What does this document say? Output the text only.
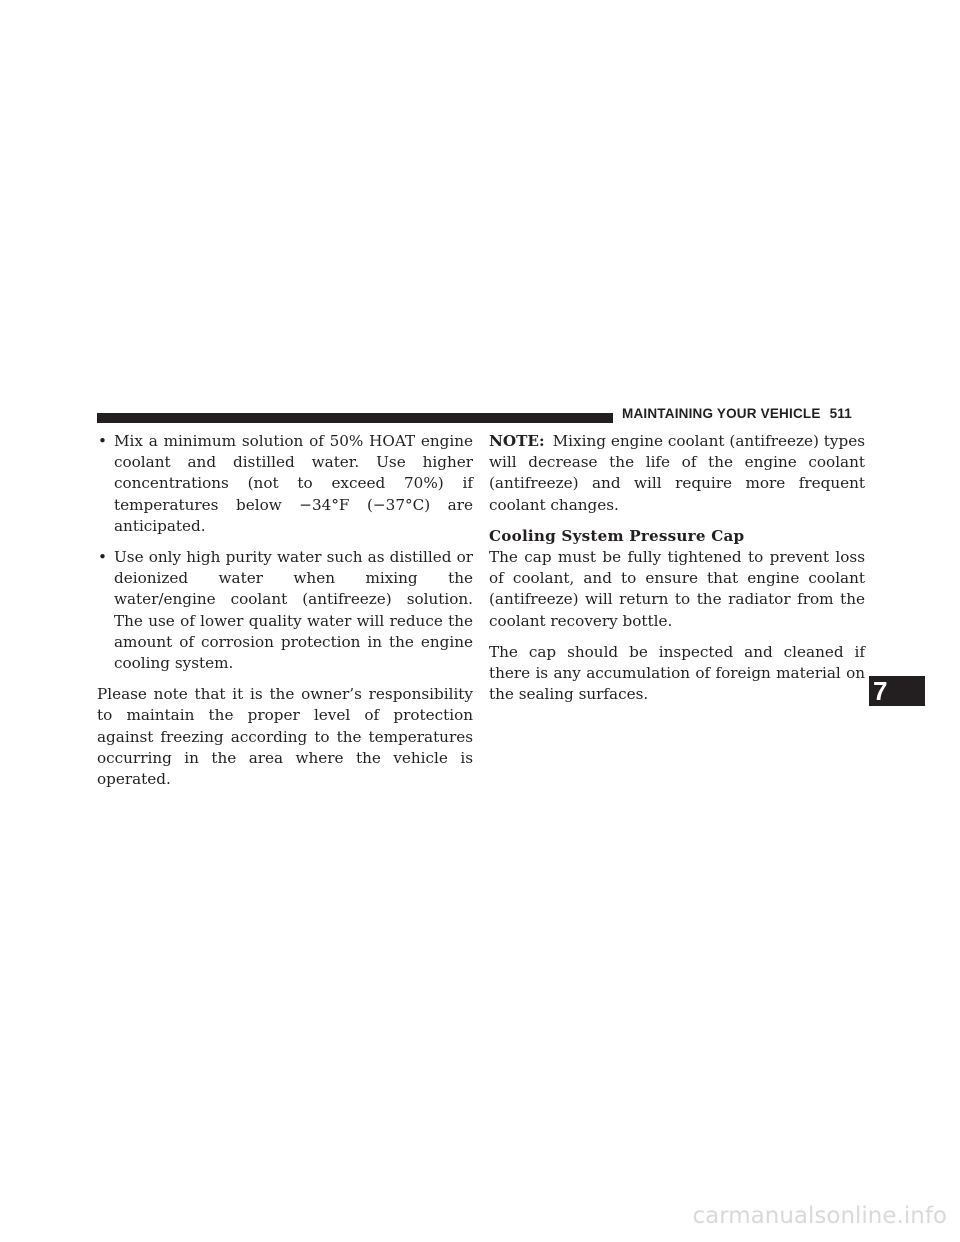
MAINTAINING YOUR VEHICLE 511
• Mix a minimum solution of 50% HOAT engine coolant and distilled water. Use higher concentrations (not to exceed 70%) if temperatures below −34°F (−37°C) are anticipated.
• Use only high purity water such as distilled or deionized water when mixing the water/engine coolant (antifreeze) solution. The use of lower quality water will reduce the amount of corrosion protection in the engine cooling system.

Please note that it is the owner’s responsibility to maintain the proper level of protection against freezing according to the temperatures occurring in the area where the vehicle is operated.

NOTE: Mixing engine coolant (antifreeze) types will decrease the life of the engine coolant (antifreeze) and will require more frequent coolant changes.

Cooling System Pressure Cap

The cap must be fully tightened to prevent loss of coolant, and to ensure that engine coolant (antifreeze) will return to the radiator from the coolant recovery bottle.

The cap should be inspected and cleaned if there is any accumulation of foreign material on the sealing surfaces.	7
carmanualsonline.info
